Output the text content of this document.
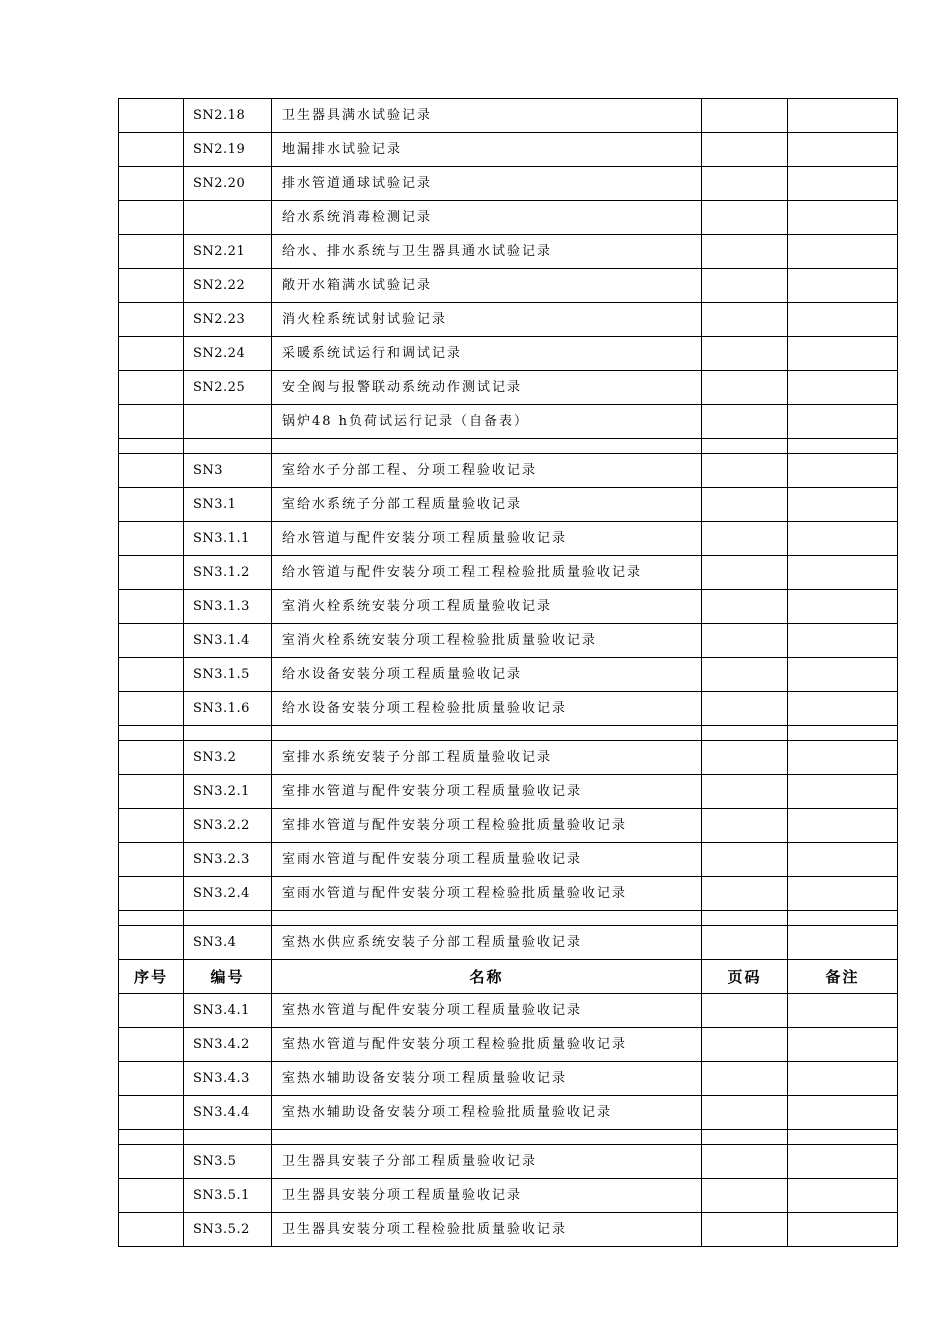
	SN2.18	卫生器具满水试验记录		
	SN2.19	地漏排水试验记录		
	SN2.20	排水管道通球试验记录		
		给水系统消毒检测记录		
	SN2.21	给水、排水系统与卫生器具通水试验记录		
	SN2.22	敞开水箱满水试验记录		
	SN2.23	消火栓系统试射试验记录		
	SN2.24	采暖系统试运行和调试记录		
	SN2.25	安全阀与报警联动系统动作测试记录		
		锅炉48 h负荷试运行记录（自备表）		

	SN3	室给水子分部工程、分项工程验收记录		
	SN3.1	室给水系统子分部工程质量验收记录		
	SN3.1.1	给水管道与配件安装分项工程质量验收记录		
	SN3.1.2	给水管道与配件安装分项工程工程检验批质量验收记录		
	SN3.1.3	室消火栓系统安装分项工程质量验收记录		
	SN3.1.4	室消火栓系统安装分项工程检验批质量验收记录		
	SN3.1.5	给水设备安装分项工程质量验收记录		
	SN3.1.6	给水设备安装分项工程检验批质量验收记录		

	SN3.2	室排水系统安装子分部工程质量验收记录		
	SN3.2.1	室排水管道与配件安装分项工程质量验收记录		
	SN3.2.2	室排水管道与配件安装分项工程检验批质量验收记录		
	SN3.2.3	室雨水管道与配件安装分项工程质量验收记录		
	SN3.2.4	室雨水管道与配件安装分项工程检验批质量验收记录		

	SN3.4	室热水供应系统安装子分部工程质量验收记录		
序号	编号	名称	页码	备注
	SN3.4.1	室热水管道与配件安装分项工程质量验收记录		
	SN3.4.2	室热水管道与配件安装分项工程检验批质量验收记录		
	SN3.4.3	室热水辅助设备安装分项工程质量验收记录		
	SN3.4.4	室热水辅助设备安装分项工程检验批质量验收记录		

	SN3.5	卫生器具安装子分部工程质量验收记录		
	SN3.5.1	卫生器具安装分项工程质量验收记录		
	SN3.5.2	卫生器具安装分项工程检验批质量验收记录		
